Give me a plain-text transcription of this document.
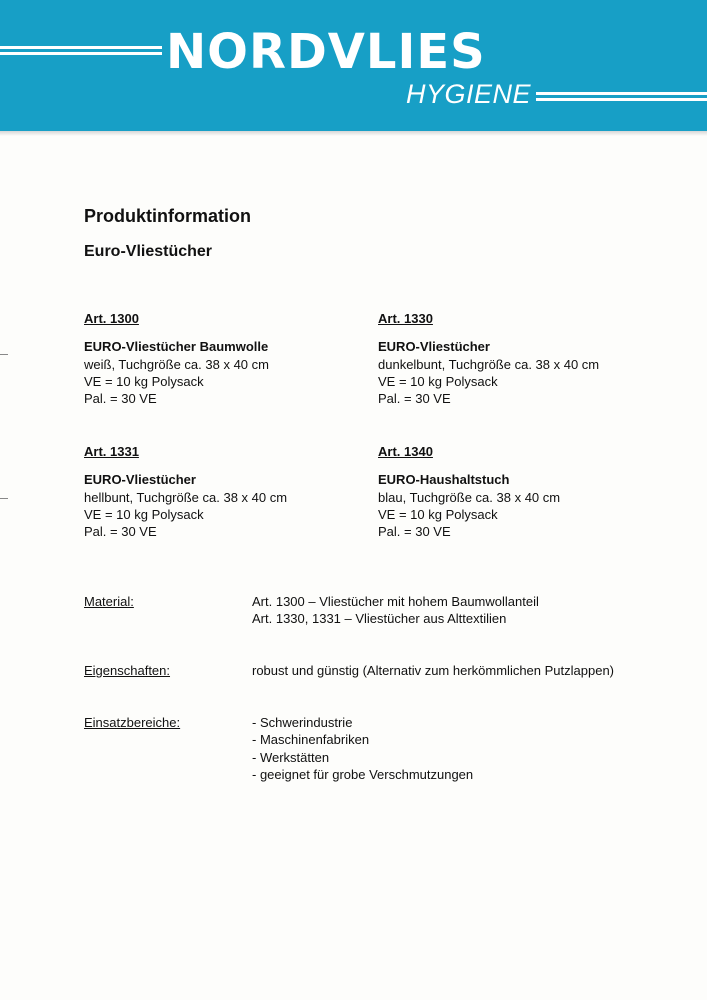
NORDVLIES
HYGIENE
Produktinformation
Euro-Vliestücher
Art. 1300
EURO-Vliestücher Baumwolle
weiß, Tuchgröße ca. 38 x 40 cm
VE = 10 kg Polysack
Pal. = 30 VE
Art. 1330
EURO-Vliestücher
dunkelbunt, Tuchgröße ca. 38 x 40 cm
VE = 10 kg Polysack
Pal. = 30 VE
Art. 1331
EURO-Vliestücher
hellbunt, Tuchgröße ca. 38 x 40 cm
VE = 10 kg Polysack
Pal. = 30 VE
Art. 1340
EURO-Haushaltstuch
blau, Tuchgröße ca. 38 x 40 cm
VE = 10 kg Polysack
Pal. = 30 VE
Material:	Art. 1300 – Vliestücher mit hohem Baumwollanteil
Art. 1330, 1331 – Vliestücher aus Alttextilien
Eigenschaften:	robust und günstig (Alternativ zum herkömmlichen Putzlappen)
Einsatzbereiche:	- Schwerindustrie
- Maschinenfabriken
- Werkstätten
- geeignet für grobe Verschmutzungen
